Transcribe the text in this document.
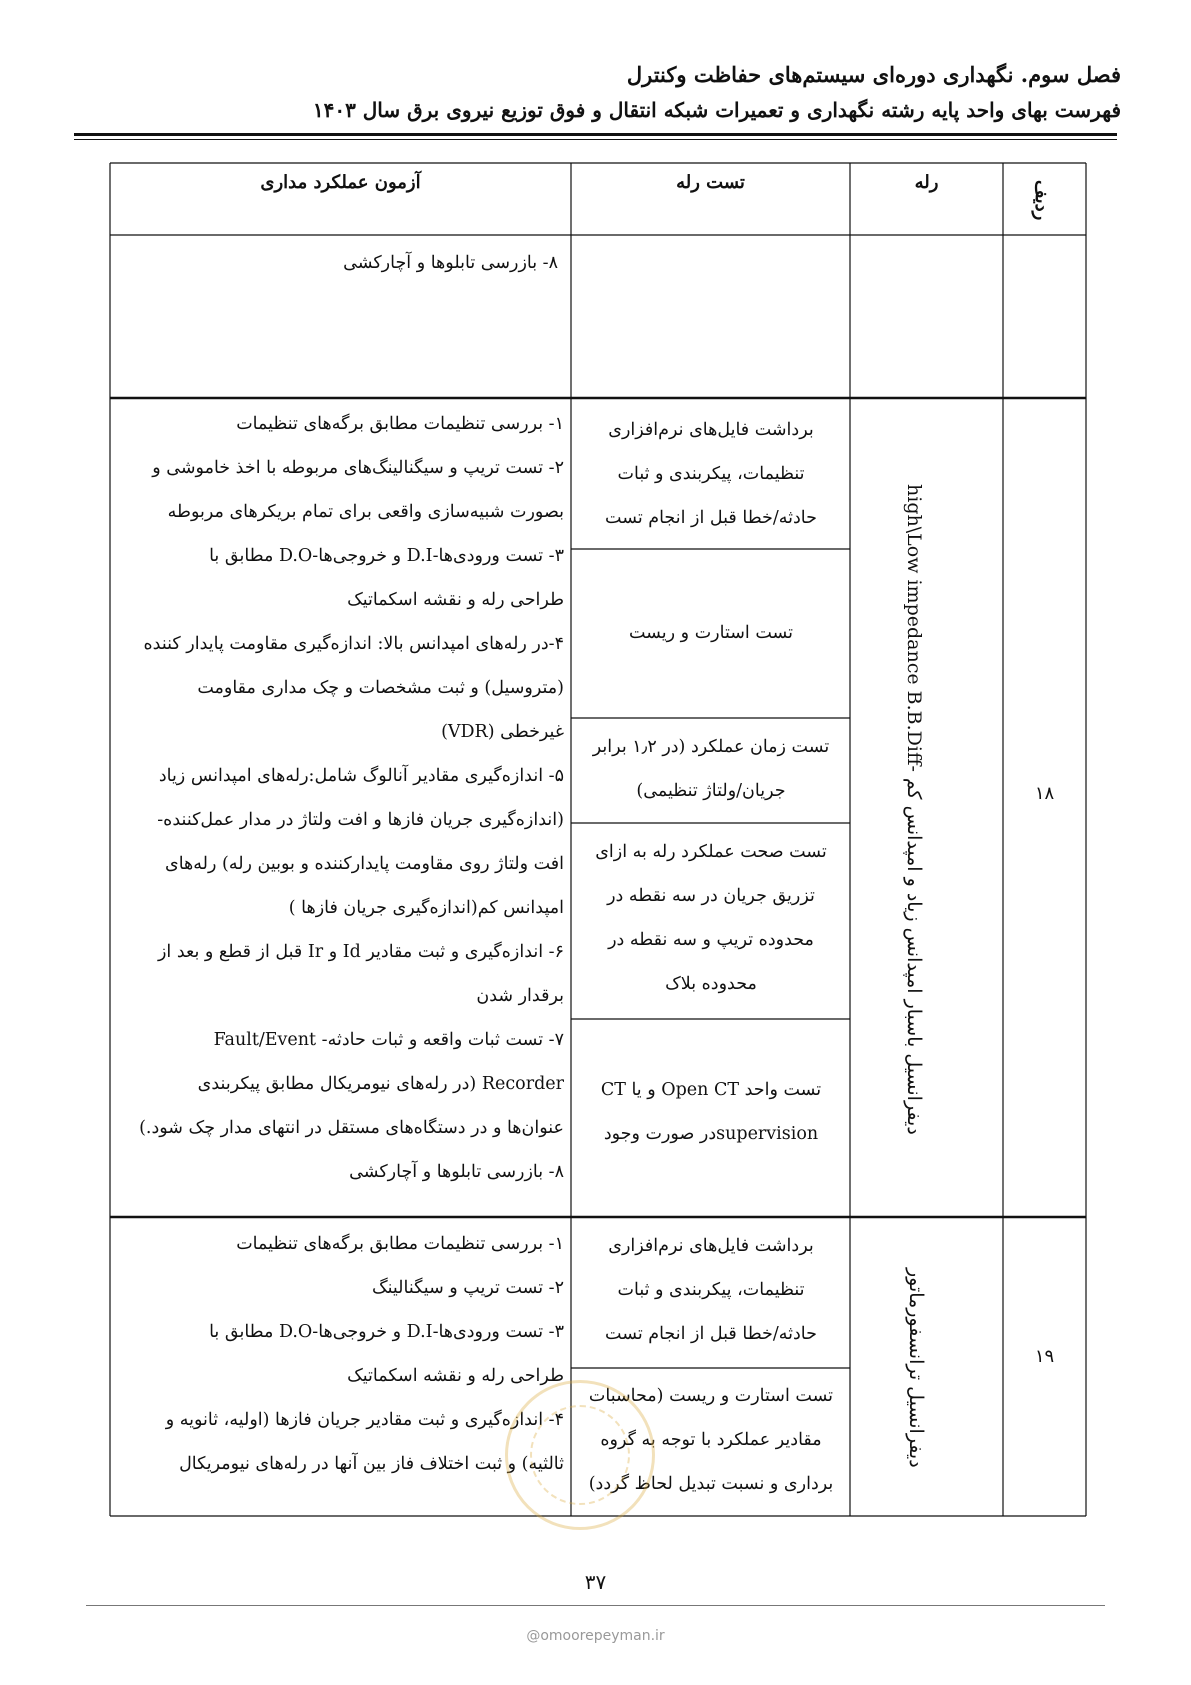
فصل سوم. نگهداری دوره‌ای سیستم‌های حفاظت وکنترل
فهرست بهای واحد پایه رشته نگهداری و تعمیرات شبکه انتقال و فوق توزیع نیروی برق سال ۱۴۰۳
ردیف
رله
تست رله
آزمون عملکرد مداری
۸- بازرسی تابلوها و آچارکشی
۱۸
دیفرانسیل باسبار امپدانس زیاد و امپدانس کم -high\Low impedance B.B.Diff
برداشت فایل‌های نرم‌افزاری
تنظیمات، پیکربندی و ثبات
حادثه/خطا قبل از انجام تست
تست استارت و ریست
تست زمان عملکرد (در ۱٫۲ برابر
جریان/ولتاژ تنظیمی)
تست صحت عملکرد رله به ازای
تزریق جریان در سه نقطه در
محدوده تریپ و سه نقطه در
محدوده بلاک
تست واحد Open CT و یا CT
supervisionدر صورت وجود
۱- بررسی تنظیمات مطابق برگه‌های تنظیمات
۲- تست تریپ و سیگنالینگ‌های مربوطه با اخذ خاموشی و
بصورت شبیه‌سازی واقعی برای تمام بریکرهای مربوطه
۳- تست ورودی‌ها-D.I و خروجی‌ها-D.O مطابق با
طراحی رله و نقشه اسکماتیک
۴-در رله‌های امپدانس بالا: اندازه‌گیری مقاومت پایدار کننده
(متروسیل) و ثبت مشخصات و چک مداری مقاومت
غیرخطی (VDR)
۵- اندازه‌گیری مقادیر آنالوگ شامل:رله‌های امپدانس زیاد
(اندازه‌گیری جریان فازها و افت ولتاژ در مدار عمل‌کننده-
افت ولتاژ روی مقاومت پایدارکننده و بوبین رله) رله‌های
امپدانس کم(اندازه‌گیری جریان فازها )
۶- اندازه‌گیری و ثبت مقادیر Id و Ir قبل از قطع و بعد از
برقدار شدن
۷- تست ثبات واقعه و ثبات حادثه- Fault/Event
Recorder (در رله‌های نیومریکال مطابق پیکربندی
عنوان‌ها و در دستگاه‌های مستقل در انتهای مدار چک شود.)
۸- بازرسی تابلوها و آچارکشی
۱۹
دیفرانسیل ترانسفورماتور
برداشت فایل‌های نرم‌افزاری
تنظیمات، پیکربندی و ثبات
حادثه/خطا قبل از انجام تست
تست استارت و ریست (محاسبات
مقادیر عملکرد با توجه به گروه
برداری و نسبت تبدیل لحاظ گردد)
۱- بررسی تنظیمات مطابق برگه‌های تنظیمات
۲- تست تریپ و سیگنالینگ
۳- تست ورودی‌ها-D.I و خروجی‌ها-D.O مطابق با
طراحی رله و نقشه اسکماتیک
۴- اندازه‌گیری و ثبت مقادیر جریان فازها (اولیه، ثانویه و
ثالثیه) و ثبت اختلاف فاز بین آنها در رله‌های نیومریکال
۳۷
@omoorepeyman.ir
